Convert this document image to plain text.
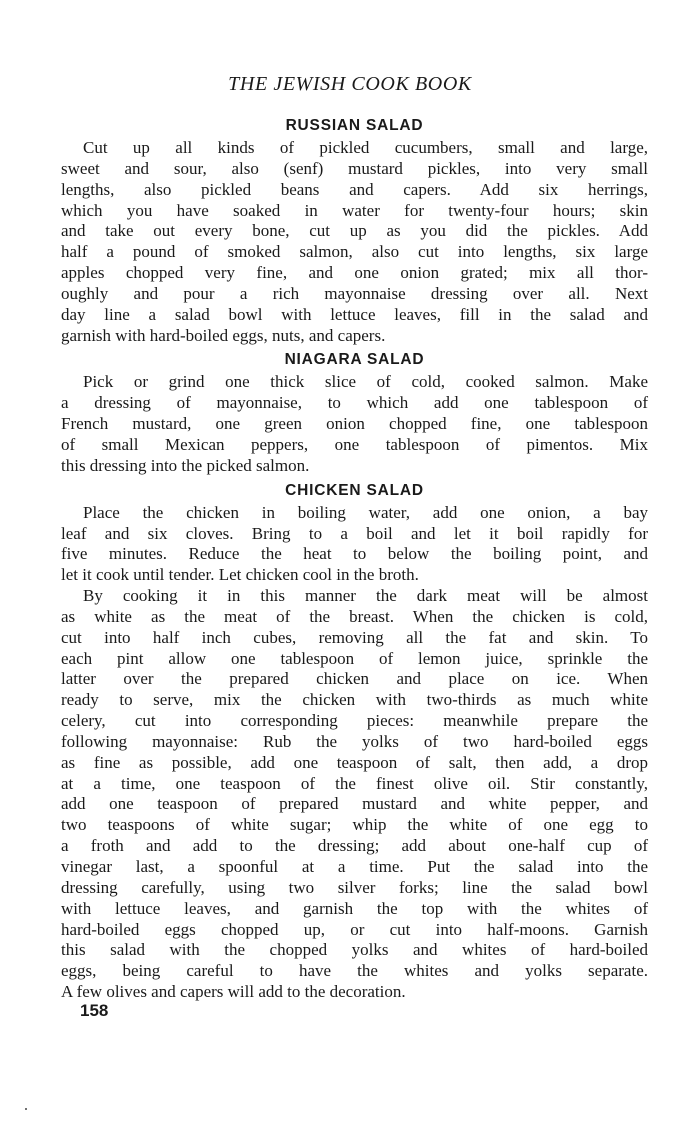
THE JEWISH COOK BOOK
RUSSIAN SALAD
Cut up all kinds of pickled cucumbers, small and large,
sweet and sour, also (senf) mustard pickles, into very small
lengths, also pickled beans and capers. Add six herrings,
which you have soaked in water for twenty-four hours; skin
and take out every bone, cut up as you did the pickles. Add
half a pound of smoked salmon, also cut into lengths, six large
apples chopped very fine, and one onion grated; mix all thor-
oughly and pour a rich mayonnaise dressing over all. Next
day line a salad bowl with lettuce leaves, fill in the salad and
garnish with hard-boiled eggs, nuts, and capers.
NIAGARA SALAD
Pick or grind one thick slice of cold, cooked salmon. Make
a dressing of mayonnaise, to which add one tablespoon of
French mustard, one green onion chopped fine, one tablespoon
of small Mexican peppers, one tablespoon of pimentos. Mix
this dressing into the picked salmon.
CHICKEN SALAD
Place the chicken in boiling water, add one onion, a bay
leaf and six cloves. Bring to a boil and let it boil rapidly for
five minutes. Reduce the heat to below the boiling point, and
let it cook until tender. Let chicken cool in the broth.
By cooking it in this manner the dark meat will be almost
as white as the meat of the breast. When the chicken is cold,
cut into half inch cubes, removing all the fat and skin. To
each pint allow one tablespoon of lemon juice, sprinkle the
latter over the prepared chicken and place on ice. When
ready to serve, mix the chicken with two-thirds as much white
celery, cut into corresponding pieces: meanwhile prepare the
following mayonnaise: Rub the yolks of two hard-boiled eggs
as fine as possible, add one teaspoon of salt, then add, a drop
at a time, one teaspoon of the finest olive oil. Stir constantly,
add one teaspoon of prepared mustard and white pepper, and
two teaspoons of white sugar; whip the white of one egg to
a froth and add to the dressing; add about one-half cup of
vinegar last, a spoonful at a time. Put the salad into the
dressing carefully, using two silver forks; line the salad bowl
with lettuce leaves, and garnish the top with the whites of
hard-boiled eggs chopped up, or cut into half-moons. Garnish
this salad with the chopped yolks and whites of hard-boiled
eggs, being careful to have the whites and yolks separate.
A few olives and capers will add to the decoration.
158
